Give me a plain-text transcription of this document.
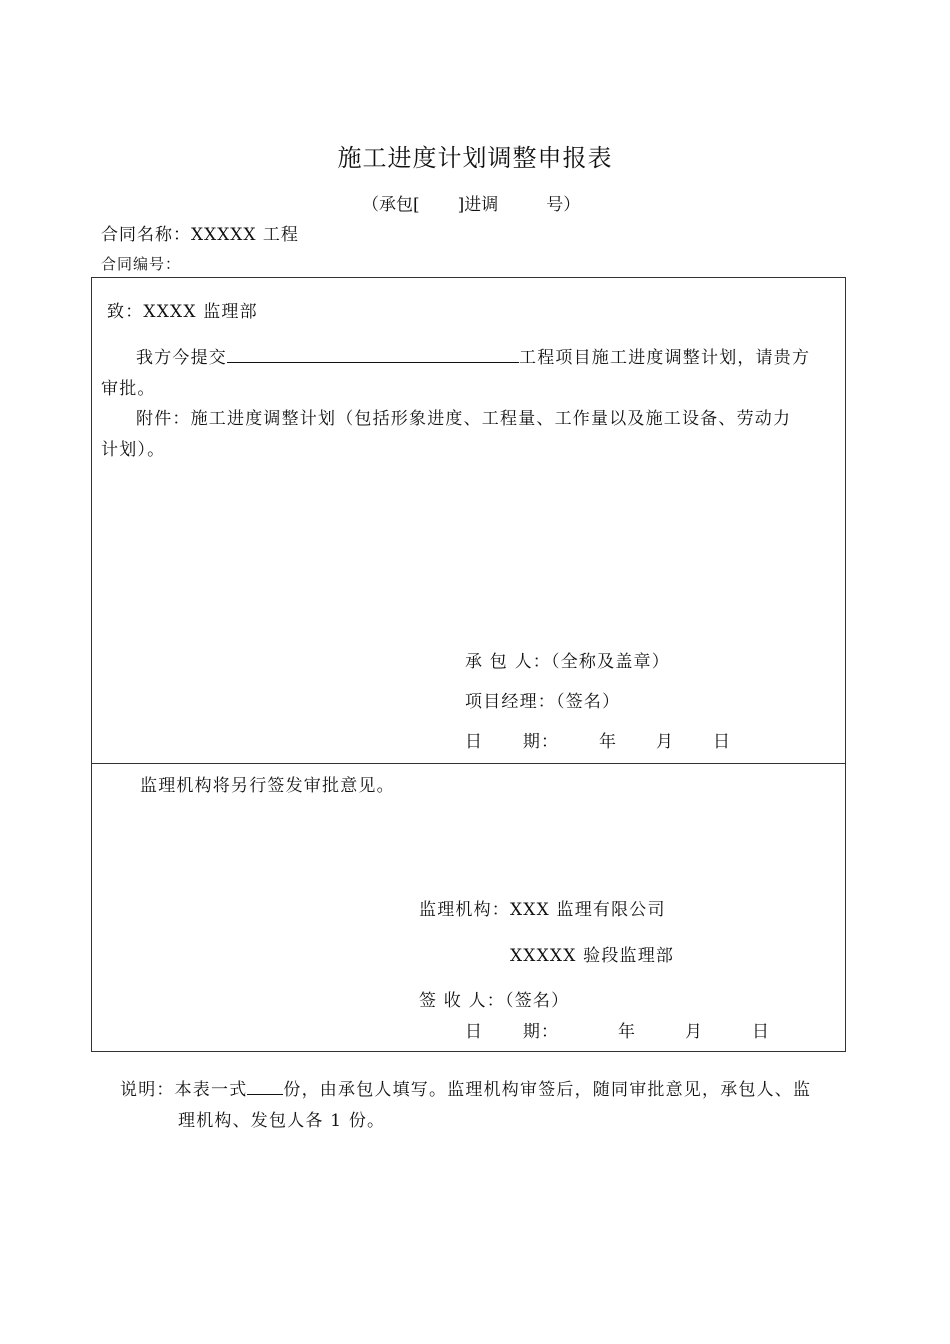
施工进度计划调整申报表
（承包[ ]进调	号）
合同名称：XXXXX 工程
合同编号：
致：XXXX 监理部
我方今提交	工程项目施工进度调整计划，请贵方
审批。
附件：施工进度调整计划（包括形象进度、工程量、工作量以及施工设备、劳动力
计划）。
承 包 人：（全称及盖章）
项目经理：（签名）
日      期： 年 月 日
监理机构将另行签发审批意见。
监理机构：XXX 监理有限公司
XXXXX 验段监理部
签 收 人：（签名）
日      期：	年	月	日
说明：本表一式 份，由承包人填写。监理机构审签后，随同审批意见，承包人、监
理机构、发包人各 1 份。
